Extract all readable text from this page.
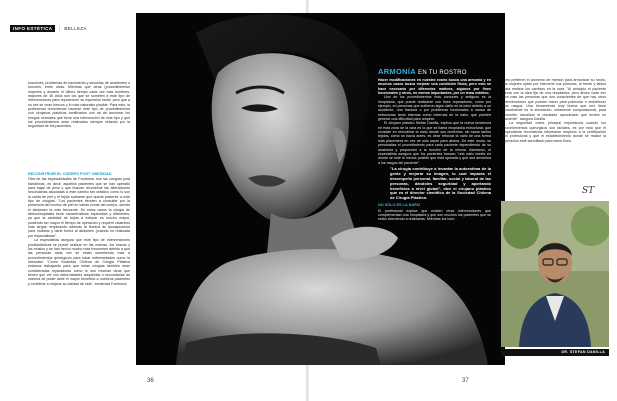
INFO ESTÉTICA | BELLEZA

maciones, problemas de nacimiento y secuelas de accidentes o tumores, entre otras. Mientras que otras (procedimientos mayores y durante el último tiempo cada vez más hombres, mayores de 40 años son los que se someten a este tipo de intervenciones para rejuvenecer su expresión facial, pero que a su vez se vean frescos y lo más naturales posible. Para esto, la profesional recomienda hacerse este tipo de procedimientos con cirujanos plásticos certificados con tal de aminorar los riesgos normales que tiene una intervención de este tipo y que los procedimientos sean realizados siempre velando por la seguridad de los pacientes.

RECONSTRUIR EL CUERPO POST OBESIDAD

Otra de las especialidades de Fombona, son las cirugías post bariátricas, es decir, aquellos pacientes que se han operado para bajar de peso y que buscan reconstruir las alteraciones secundarias asociadas a este cambio tan drástico como lo son la caída de piel y el tejido sobrante que queda posterior a este tipo de cirugías. "Los pacientes tienden a consultar por la presencia del exceso de piel en varias zonas del cuerpo, siendo el abdomen la más frecuente. En estos casos la cirugía de abdominoplastia tiene características especiales y diferentes, ya que la cantidad de tejido a extirpar es mucho mayor, pudiendo ser mayor el tiempo de operación y requerir cicatrices más largas, empleando además la técnica de lipoaspiración para moldear y darle forma al abdomen (cuando es realizada por especialistas".

La especialista asegura que este tipo de intervenciones postbariátricas se puede realizar en las mamas, los brazos y los muslos y se han hecho mucho más frecuentes debido a que las personas cada vez se están sometiendo más a procedimientos quirúrgicos para tratar enfermedades como la obesidad. "Como Sociedad Chilena de Cirugía Plástica estamos trabajando para que estas cirugías también sean consideradas reparadoras como lo son muchas otras que tienen que ver con deformidades adquiridas o secundarias de manera de poder darle el mayor beneficio a nuestros pacientes y contribuir a mejorar su calidad de vida", sentencia Fombona.

ARMONÍA EN TU ROSTRO

Hacer modificaciones en nuestro rostro busca una armonía y en muchos casos busca mejorar una condición física, pero esto se hace necesario por diferentes motivos, algunos por fines funcionales y otros, no menos importantes, por un tema estético.

Uno de los procedimientos más comunes y antiguos es la rinoplastía, que puede realizarse con fines reparadores, como por ejemplo, en personas que sufrieron algún daño en la nariz debido a un accidente, una fractura o por problemas funcionales a causa de estructuras tanto internas como externas de la nariz, que pueden generar una dificultad para respirar.

El cirujano plástico Stefan Danilla, explica que la nueva tendencia en esta zona de la cara es lo que se llama rinoplastía estructural, que consiste en remodelar la nariz desde sus cimientos, sin sacar tantos tejidos, como se hacía antes, es decir reforzar la nariz de una forma más placentera en vez de solo sacar para afuera. De este modo, se personaliza el procedimiento para cada paciente dependiendo de su anatomía y proporción a la función de la misma. Asimismo, el especialista asegura que los pacientes buscan "una nariz bonita en donde se note lo menos posible que está operada y que sea armónica a los rasgos del paciente".

"La cirugía contribuye a levantar la autoestima de la gente y mejorar su imagen, lo cual impacta el desempeño personal, familiar, social y laboral de las personas, dándoles seguridad y aportando beneficios a nivel global", dice el cirujano plástico que es el director científico de la Sociedad Chilena de Cirugía Plástica.

NO SÓLO ES LA NARIZ

El profesional explica que existen otras intervenciones que complementan una rinoplastía y que son muchos los pacientes que se están atreviendo a realizarlas. Mientras los hom-

bres prefieren el aumento de mentón para armonizar su rostro, las mujeres optan por intervenir sus pómulos, la frente y labios para realizar los cambios en la cara. "Al principio el paciente venía con la idea fija de una rinoplastía, pero ahora cada vez son más las personas que son conscientes de que hay otros intervenciones que pueden hacer para potenciar o embellecer sus rasgos. Una herramienta muy buena que uno tiene actualmente es la simulación, estamente computacional, para prometer visualizar el resultado aproximado que tendrá un paciente", asegura Danilla.

La seguridad cobra principal importancia cuando los procedimientos quirúrgicos son faciales, es por esto que el especialista recomienda informarse respecto a la certificación del profesional y que el establecimiento donde se realice la operación esté acreditado para estos fines.

ST
DR. STEFAN DANILLA
36	37
